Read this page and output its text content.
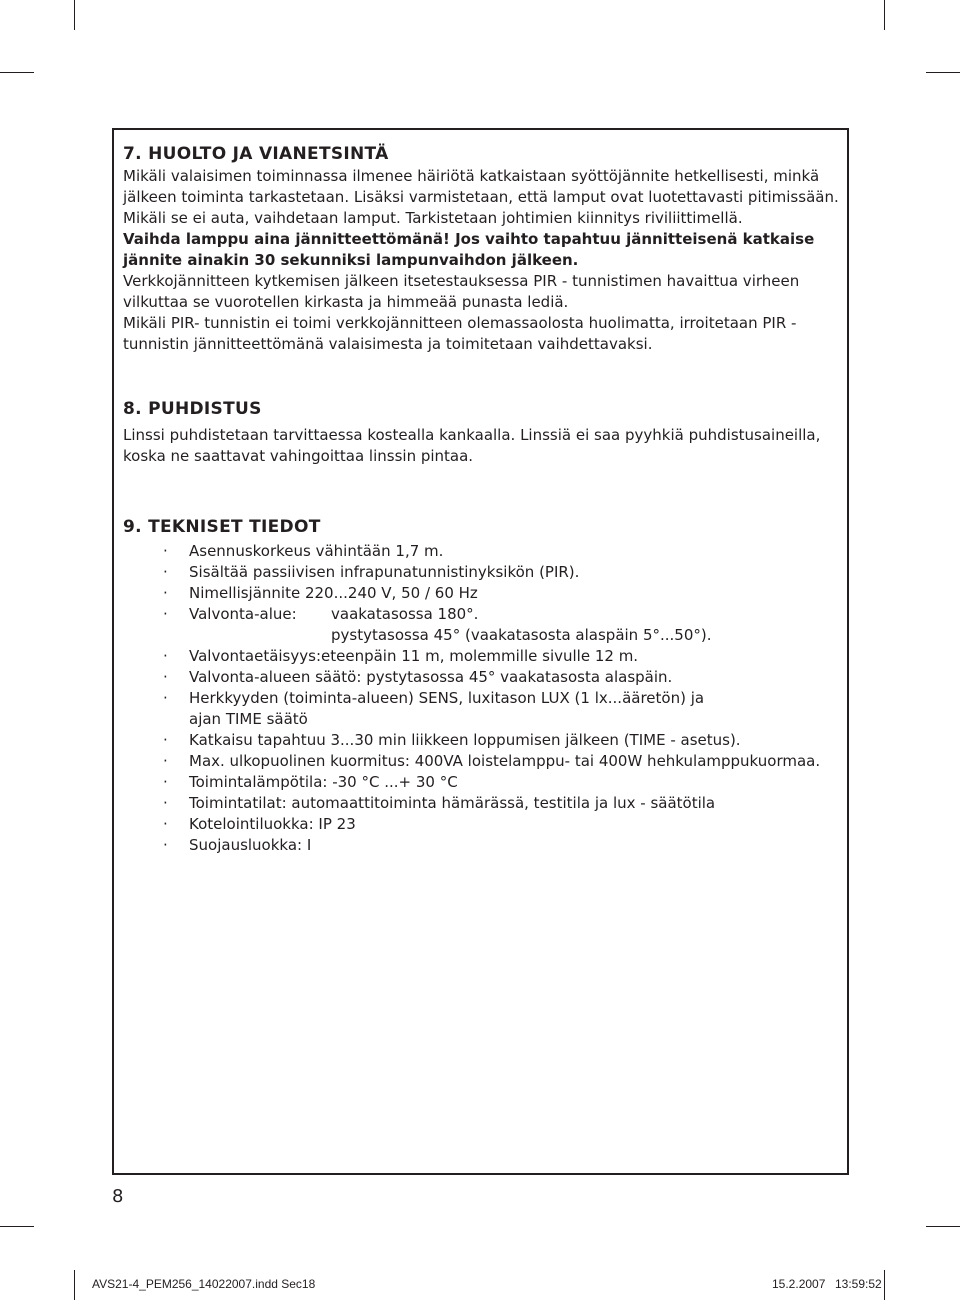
7. HUOLTO JA VIANETSINTÄ

Mikäli valaisimen toiminnassa ilmenee häiriötä katkaistaan syöttöjännite hetkellisesti, minkä jälkeen toiminta tarkastetaan. Lisäksi varmistetaan, että lamput ovat luotettavasti pitimissään. Mikäli se ei auta, vaihdetaan lamput. Tarkistetaan johtimien kiinnitys riviliittimellä.

Vaihda lamppu aina jännitteettömänä! Jos vaihto tapahtuu jännitteisenä katkaise jännite ainakin 30 sekunniksi lampunvaihdon jälkeen.

Verkkojännitteen kytkemisen jälkeen itsetestauksessa PIR - tunnistimen havaittua virheen vilkuttaa se vuorotellen kirkasta ja himmeää punasta lediä.

Mikäli PIR- tunnistin ei toimi verkkojännitteen olemassaolosta huolimatta, irroitetaan PIR - tunnistin jännitteettömänä valaisimesta ja toimitetaan vaihdettavaksi.

8. PUHDISTUS

Linssi puhdistetaan tarvittaessa kostealla kankaalla. Linssiä ei saa pyyhkiä puhdistusaineilla, koska ne saattavat vahingoittaa linssin pintaa.

9. TEKNISET TIEDOT
· Asennuskorkeus vähintään 1,7 m.
· Sisältää passiivisen infrapunatunnistinyksikön (PIR).
· Nimellisjännite 220...240 V, 50 / 60 Hz
· Valvonta-alue: vaakatasossa 180°.
pystytasossa 45° (vaakatasosta alaspäin 5°...50°).
· Valvontaetäisyys:eteenpäin 11 m, molemmille sivulle 12 m.
· Valvonta-alueen säätö: pystytasossa 45° vaakatasosta alaspäin.
· Herkkyyden (toiminta-alueen) SENS, luxitason LUX (1 lx...ääretön) ja ajan TIME säätö
· Katkaisu tapahtuu 3...30 min liikkeen loppumisen jälkeen (TIME - asetus).
· Max. ulkopuolinen kuormitus: 400VA loistelamppu- tai 400W hehkulamppukuormaa.
· Toimintalämpötila: -30 °C ...+ 30 °C
· Toimintatilat: automaattitoiminta hämärässä, testitila ja lux - säätötila
· Kotelointiluokka: IP 23
· Suojausluokka: I
8
AVS21-4_PEM256_14022007.indd Sec18	15.2.2007 13:59:52
